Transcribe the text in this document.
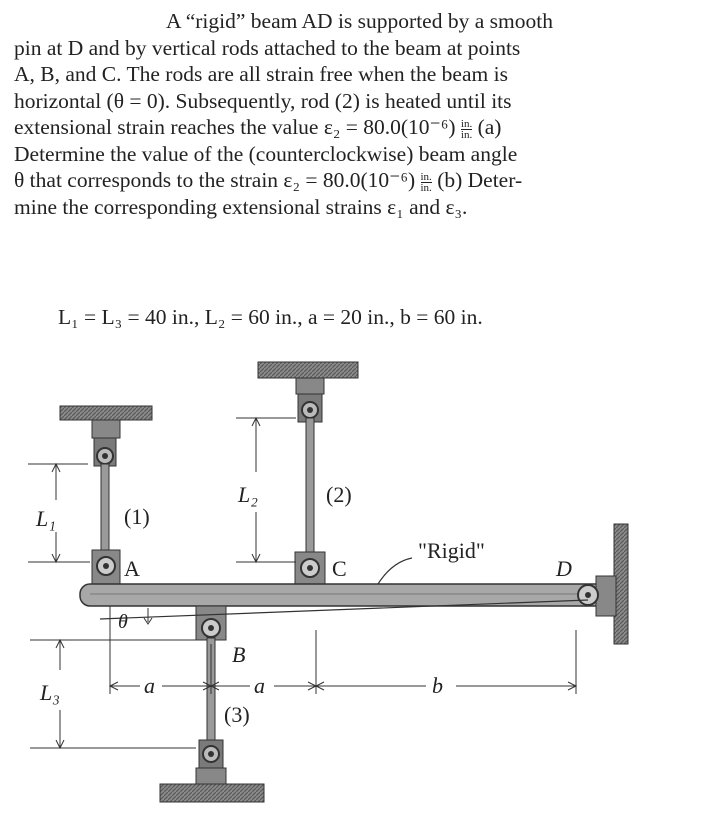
A “rigid” beam AD is supported by a smooth
pin at D and by vertical rods attached to the beam at points
A, B, and C. The rods are all strain free when the beam is
horizontal (θ = 0). Subsequently, rod (2) is heated until its
extensional strain reaches the value $\varepsilon_2 = 80.0(10^{-6}) \frac{in.}{in.} (a)$
Determine the value of the (counterclockwise) beam angle
θ that corresponds to the strain $\varepsilon_2 = 80.0(10^{-6}) \frac{in.}{in.} (b)$ Deter-
mine the corresponding extensional strains ε₁ and ε₃.
L₁ = L₃ = 40 in., L₂ = 60 in., a = 20 in., b = 60 in.
θ
L₁
L₂
L₃
(1)
(2)
(3)
A
B
C	D
"Rigid"
a	a	b
